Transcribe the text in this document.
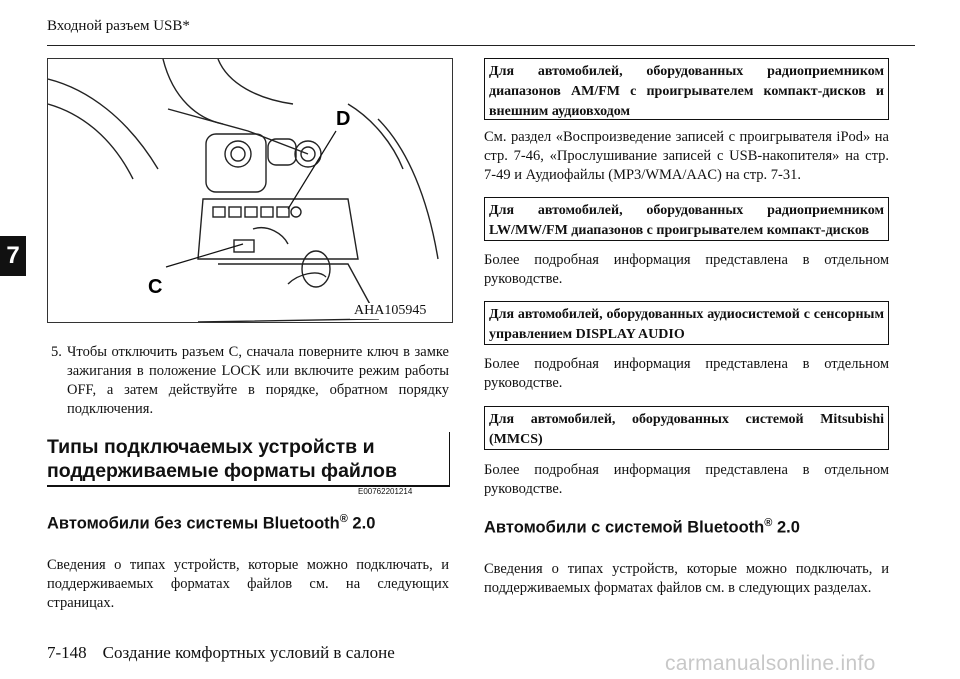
Входной разъем USB*
7
D
C
AHA105945
5. Чтобы отключить разъем C, сначала поверните ключ в замке зажигания в положение LOCK или включите режим работы OFF, а затем действуйте в порядке, обратном порядку подключения.
Типы подключаемых устройств и поддерживаемые форматы файлов
E00762201214
Автомобили без системы Bluetooth® 2.0
Сведения о типах устройств, которые можно подключать, и поддерживаемых форматах файлов см. на следующих страницах.
Для автомобилей, оборудованных радиоприемником диапазонов AM/FM с проигрывателем компакт-дисков и внешним аудиовходом
См. раздел «Воспроизведение записей с проигрывателя iPod» на стр. 7-46, «Прослушивание записей с USB-накопителя» на стр. 7-49 и Аудиофайлы (MP3/WMA/AAC) на стр. 7-31.
Для автомобилей, оборудованных радиоприемником LW/MW/FM диапазонов с проигрывателем компакт-дисков
Более подробная информация представлена в отдельном руководстве.
Для автомобилей, оборудованных аудиосистемой с сенсорным управлением DISPLAY AUDIO
Более подробная информация представлена в отдельном руководстве.
Для автомобилей, оборудованных системой Mitsubishi (MMCS)
Более подробная информация представлена в отдельном руководстве.
Автомобили с системой Bluetooth® 2.0
Сведения о типах устройств, которые можно подключать, и поддерживаемых форматах файлов см. в следующих разделах.
7-148 Создание комфортных условий в салоне	carmanualsonline.info
